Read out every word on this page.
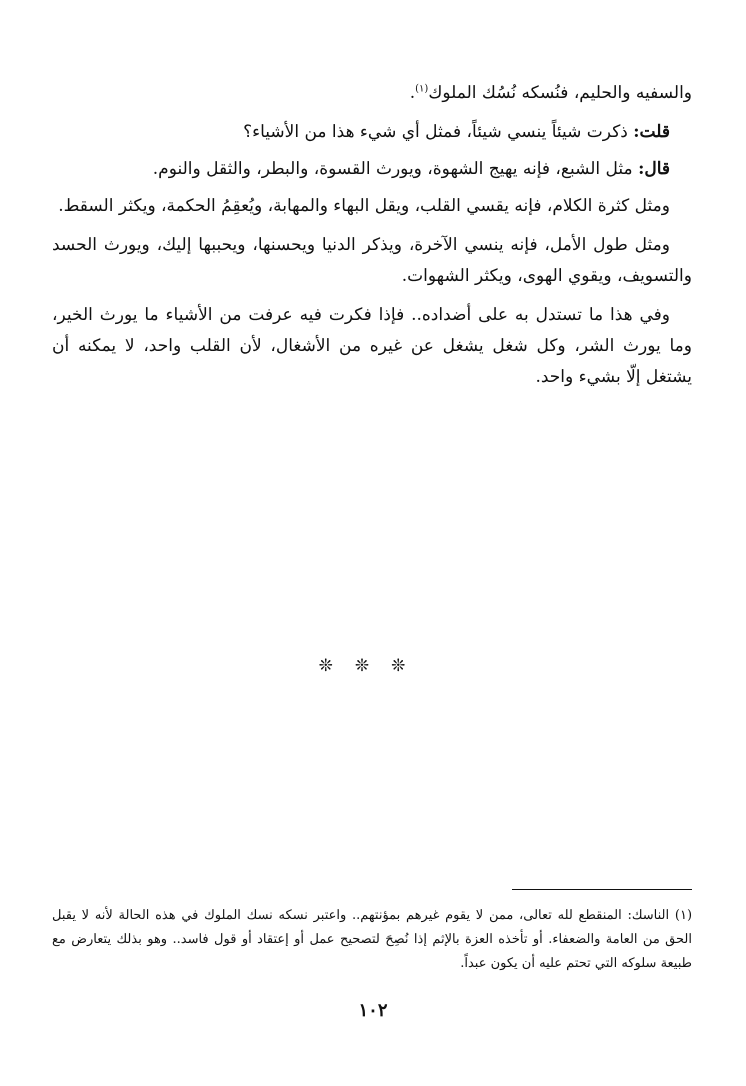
والسفيه والحليم، فنُسكه نُسُك الملوك$^{(١)}$.

قلت: ذكرت شيئاً ينسي شيئاً، فمثل أي شيء هذا من الأشياء؟

قال: مثل الشبع، فإنه يهيج الشهوة، ويورث القسوة، والبطر، والثقل والنوم.

ومثل كثرة الكلام، فإنه يقسي القلب، ويقل البهاء والمهابة، ويُعقِمُ الحكمة، ويكثر السقط.

ومثل طول الأمل، فإنه ينسي الآخرة، ويذكر الدنيا ويحسنها، ويحببها إليك، ويورث الحسد والتسويف، ويقوي الهوى، ويكثر الشهوات.

وفي هذا ما تستدل به على أضداده.. فإذا فكرت فيه عرفت من الأشياء ما يورث الخير، وما يورث الشر، وكل شغل يشغل عن غيره من الأشغال، لأن القلب واحد، لا يمكنه أن يشتغل إلّا بشيء واحد.

❊❊❊
(١) الناسك: المنقطع لله تعالى، ممن لا يقوم غيرهم بمؤنتهم.. واعتبر نسكه نسك الملوك في هذه الحالة لأنه لا يقبل الحق من العامة والضعفاء. أو تأخذه العزة بالإثم إذا نُصِحَ لتصحيح عمل أو إعتقاد أو قول فاسد.. وهو بذلك يتعارض مع طبيعة سلوكه التي تحتم عليه أن يكون عبداً.
١٠٢
